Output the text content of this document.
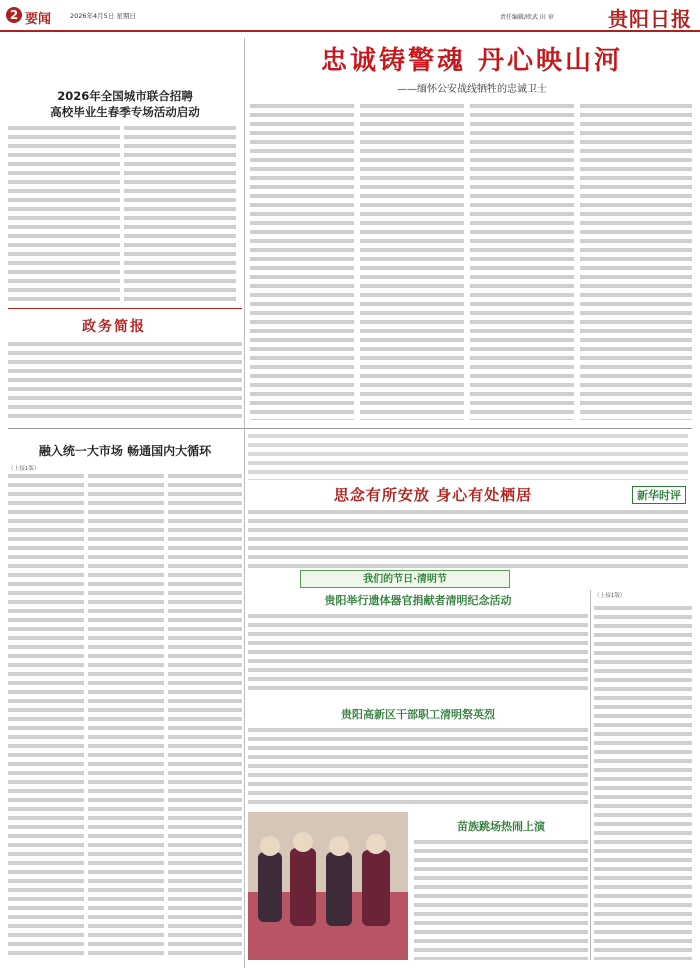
2 要闻	2026年4月5日 星期日	责任编辑/欧武 田 审	贵阳日报
2026年全国城市联合招聘
高校毕业生春季专场活动启动
政务简报
忠诚铸警魂 丹心映山河
——缅怀公安战线牺牲的忠诚卫士
融入统一大市场 畅通国内大循环
（上接1版）
思念有所安放 身心有处栖居	新华时评
我们的节日·清明节
贵阳举行遗体器官捐献者清明纪念活动	（上接1版）
贵阳高新区干部职工清明祭英烈
苗族跳场热闹上演
